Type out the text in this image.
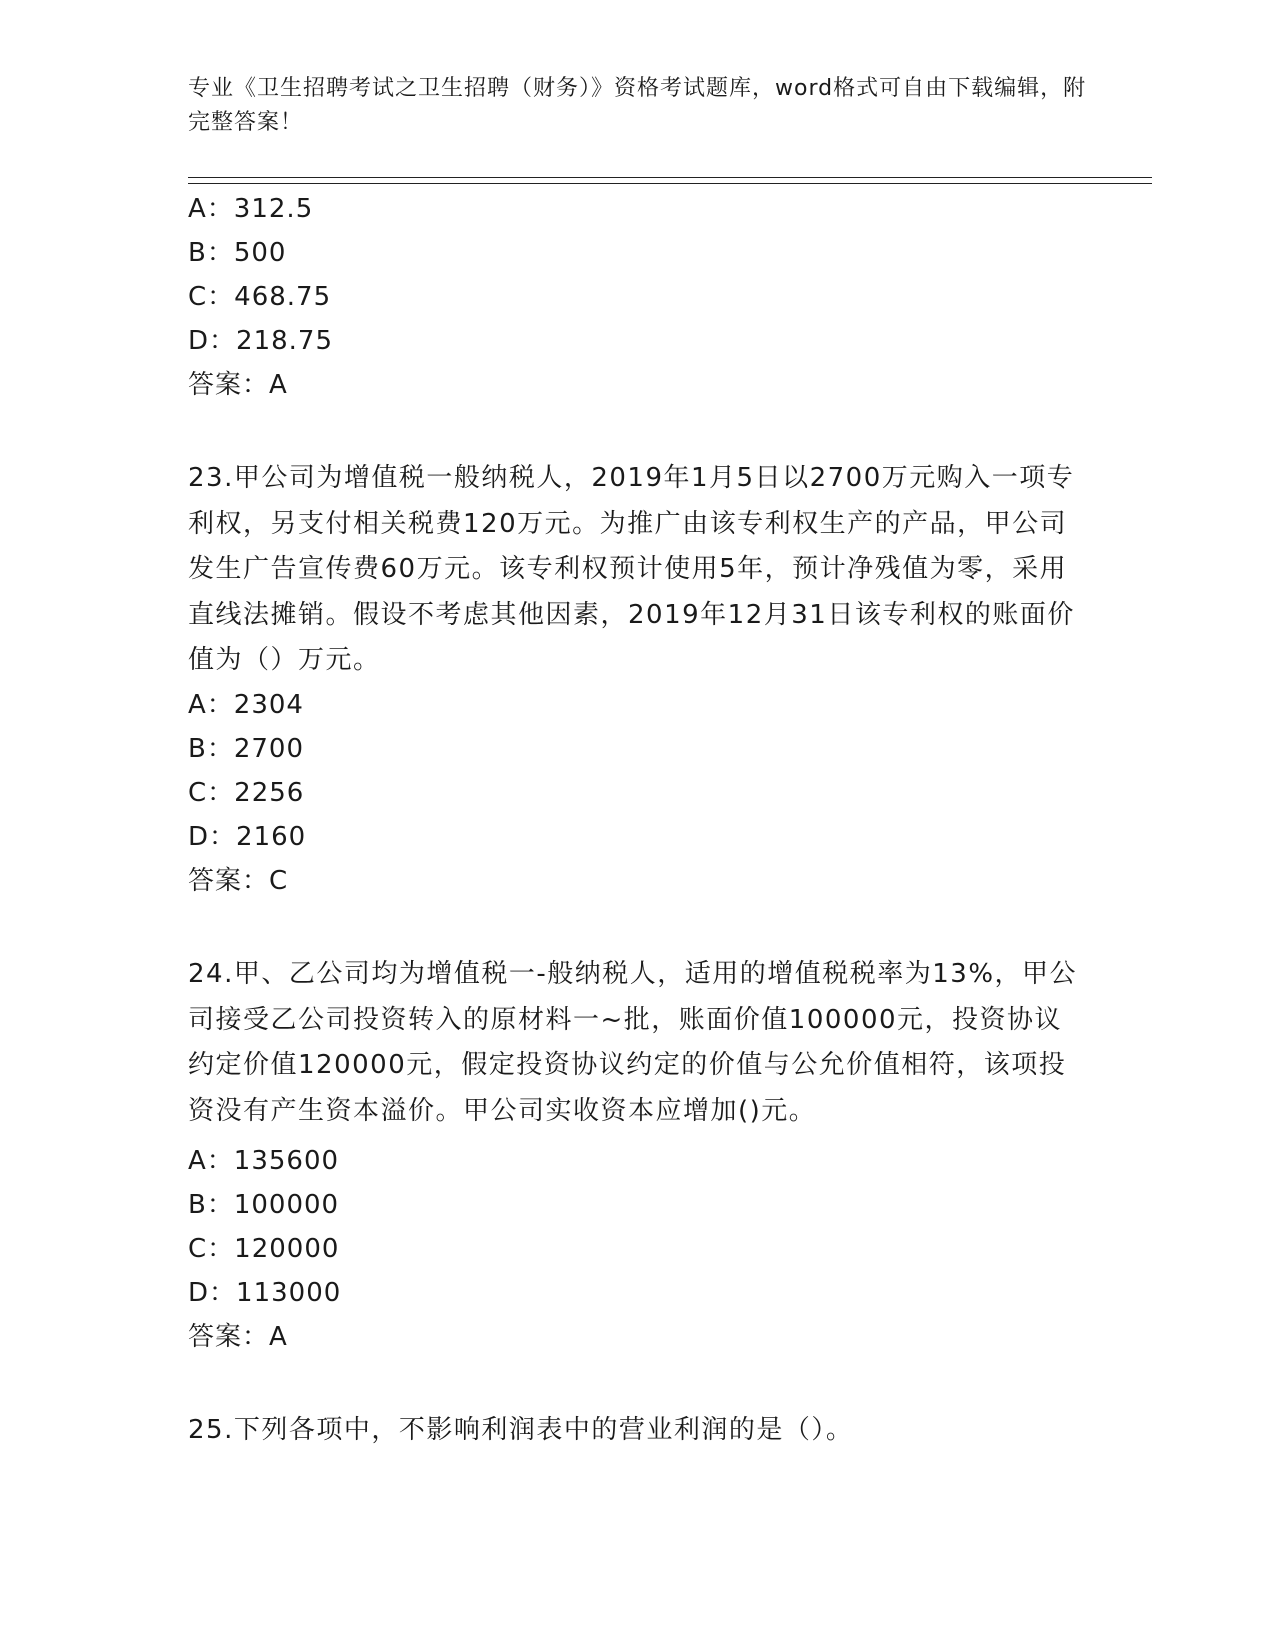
专业《卫生招聘考试之卫生招聘（财务）》资格考试题库，word格式可自由下载编辑，附完整答案！
A：312.5
B：500
C：468.75
D：218.75
答案：A
23.甲公司为增值税一般纳税人，2019年1月5日以2700万元购入一项专利权，另支付相关税费120万元。为推广由该专利权生产的产品，甲公司发生广告宣传费60万元。该专利权预计使用5年，预计净残值为零，采用直线法摊销。假设不考虑其他因素，2019年12月31日该专利权的账面价值为（）万元。
A：2304
B：2700
C：2256
D：2160
答案：C
24.甲、乙公司均为增值税一-般纳税人，适用的增值税税率为13%，甲公司接受乙公司投资转入的原材料一~批，账面价值100000元，投资协议约定价值120000元，假定投资协议约定的价值与公允价值相符，该项投资没有产生资本溢价。甲公司实收资本应增加()元。
A：135600
B：100000
C：120000
D：113000
答案：A
25.下列各项中，不影响利润表中的营业利润的是（）。
